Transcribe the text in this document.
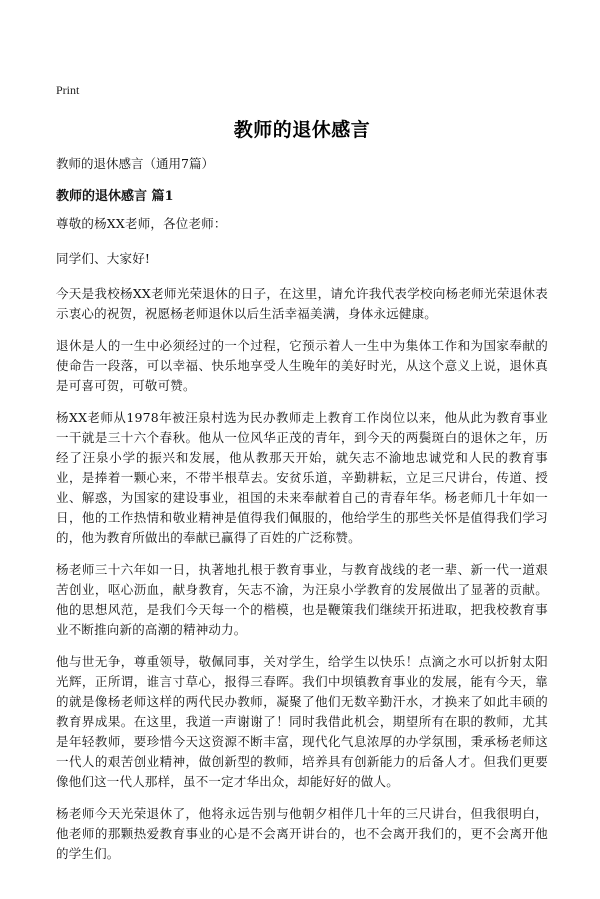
Print
教师的退休感言

教师的退休感言（通用7篇）

教师的退休感言 篇1

尊敬的杨XX老师，各位老师：

同学们、大家好!

今天是我校杨XX老师光荣退休的日子，在这里，请允许我代表学校向杨老师光荣退休表示衷心的祝贺，祝愿杨老师退休以后生活幸福美满，身体永远健康。

退休是人的一生中必须经过的一个过程，它预示着人一生中为集体工作和为国家奉献的使命告一段落，可以幸福、快乐地享受人生晚年的美好时光，从这个意义上说，退休真是可喜可贺，可敬可赞。

杨XX老师从1978年被汪泉村选为民办教师走上教育工作岗位以来，他从此为教育事业一干就是三十六个春秋。他从一位风华正茂的青年，到今天的两鬓斑白的退休之年，历经了汪泉小学的振兴和发展，他从教那天开始，就矢志不渝地忠诚党和人民的教育事业，是捧着一颗心来，不带半根草去。安贫乐道，辛勤耕耘，立足三尺讲台，传道、授业、解惑，为国家的建设事业，祖国的未来奉献着自己的青春年华。杨老师几十年如一日，他的工作热情和敬业精神是值得我们佩服的，他给学生的那些关怀是值得我们学习的，他为教育所做出的奉献已赢得了百姓的广泛称赞。

杨老师三十六年如一日，执著地扎根于教育事业，与教育战线的老一辈、新一代一道艰苦创业，呕心沥血，献身教育，矢志不渝，为汪泉小学教育的发展做出了显著的贡献。他的思想风范，是我们今天每一个的楷模，也是鞭策我们继续开拓进取，把我校教育事业不断推向新的高潮的精神动力。

他与世无争，尊重领导，敬佩同事，关对学生，给学生以快乐！点滴之水可以折射太阳光辉，正所谓，谁言寸草心，报得三春晖。我们中坝镇教育事业的发展，能有今天，靠的就是像杨老师这样的两代民办教师，凝聚了他们无数辛勤汗水，才换来了如此丰硕的教育界成果。在这里，我道一声谢谢了！同时我借此机会，期望所有在职的教师，尤其是年轻教师，要珍惜今天这资源不断丰富，现代化气息浓厚的办学氛围，秉承杨老师这一代人的艰苦创业精神，做创新型的教师，培养具有创新能力的后备人才。但我们更要像他们这一代人那样，虽不一定才华出众，却能好好的做人。

杨老师今天光荣退休了，他将永远告别与他朝夕相伴几十年的三尺讲台，但我很明白，他老师的那颗热爱教育事业的心是不会离开讲台的，也不会离开我们的，更不会离开他的学生们。
